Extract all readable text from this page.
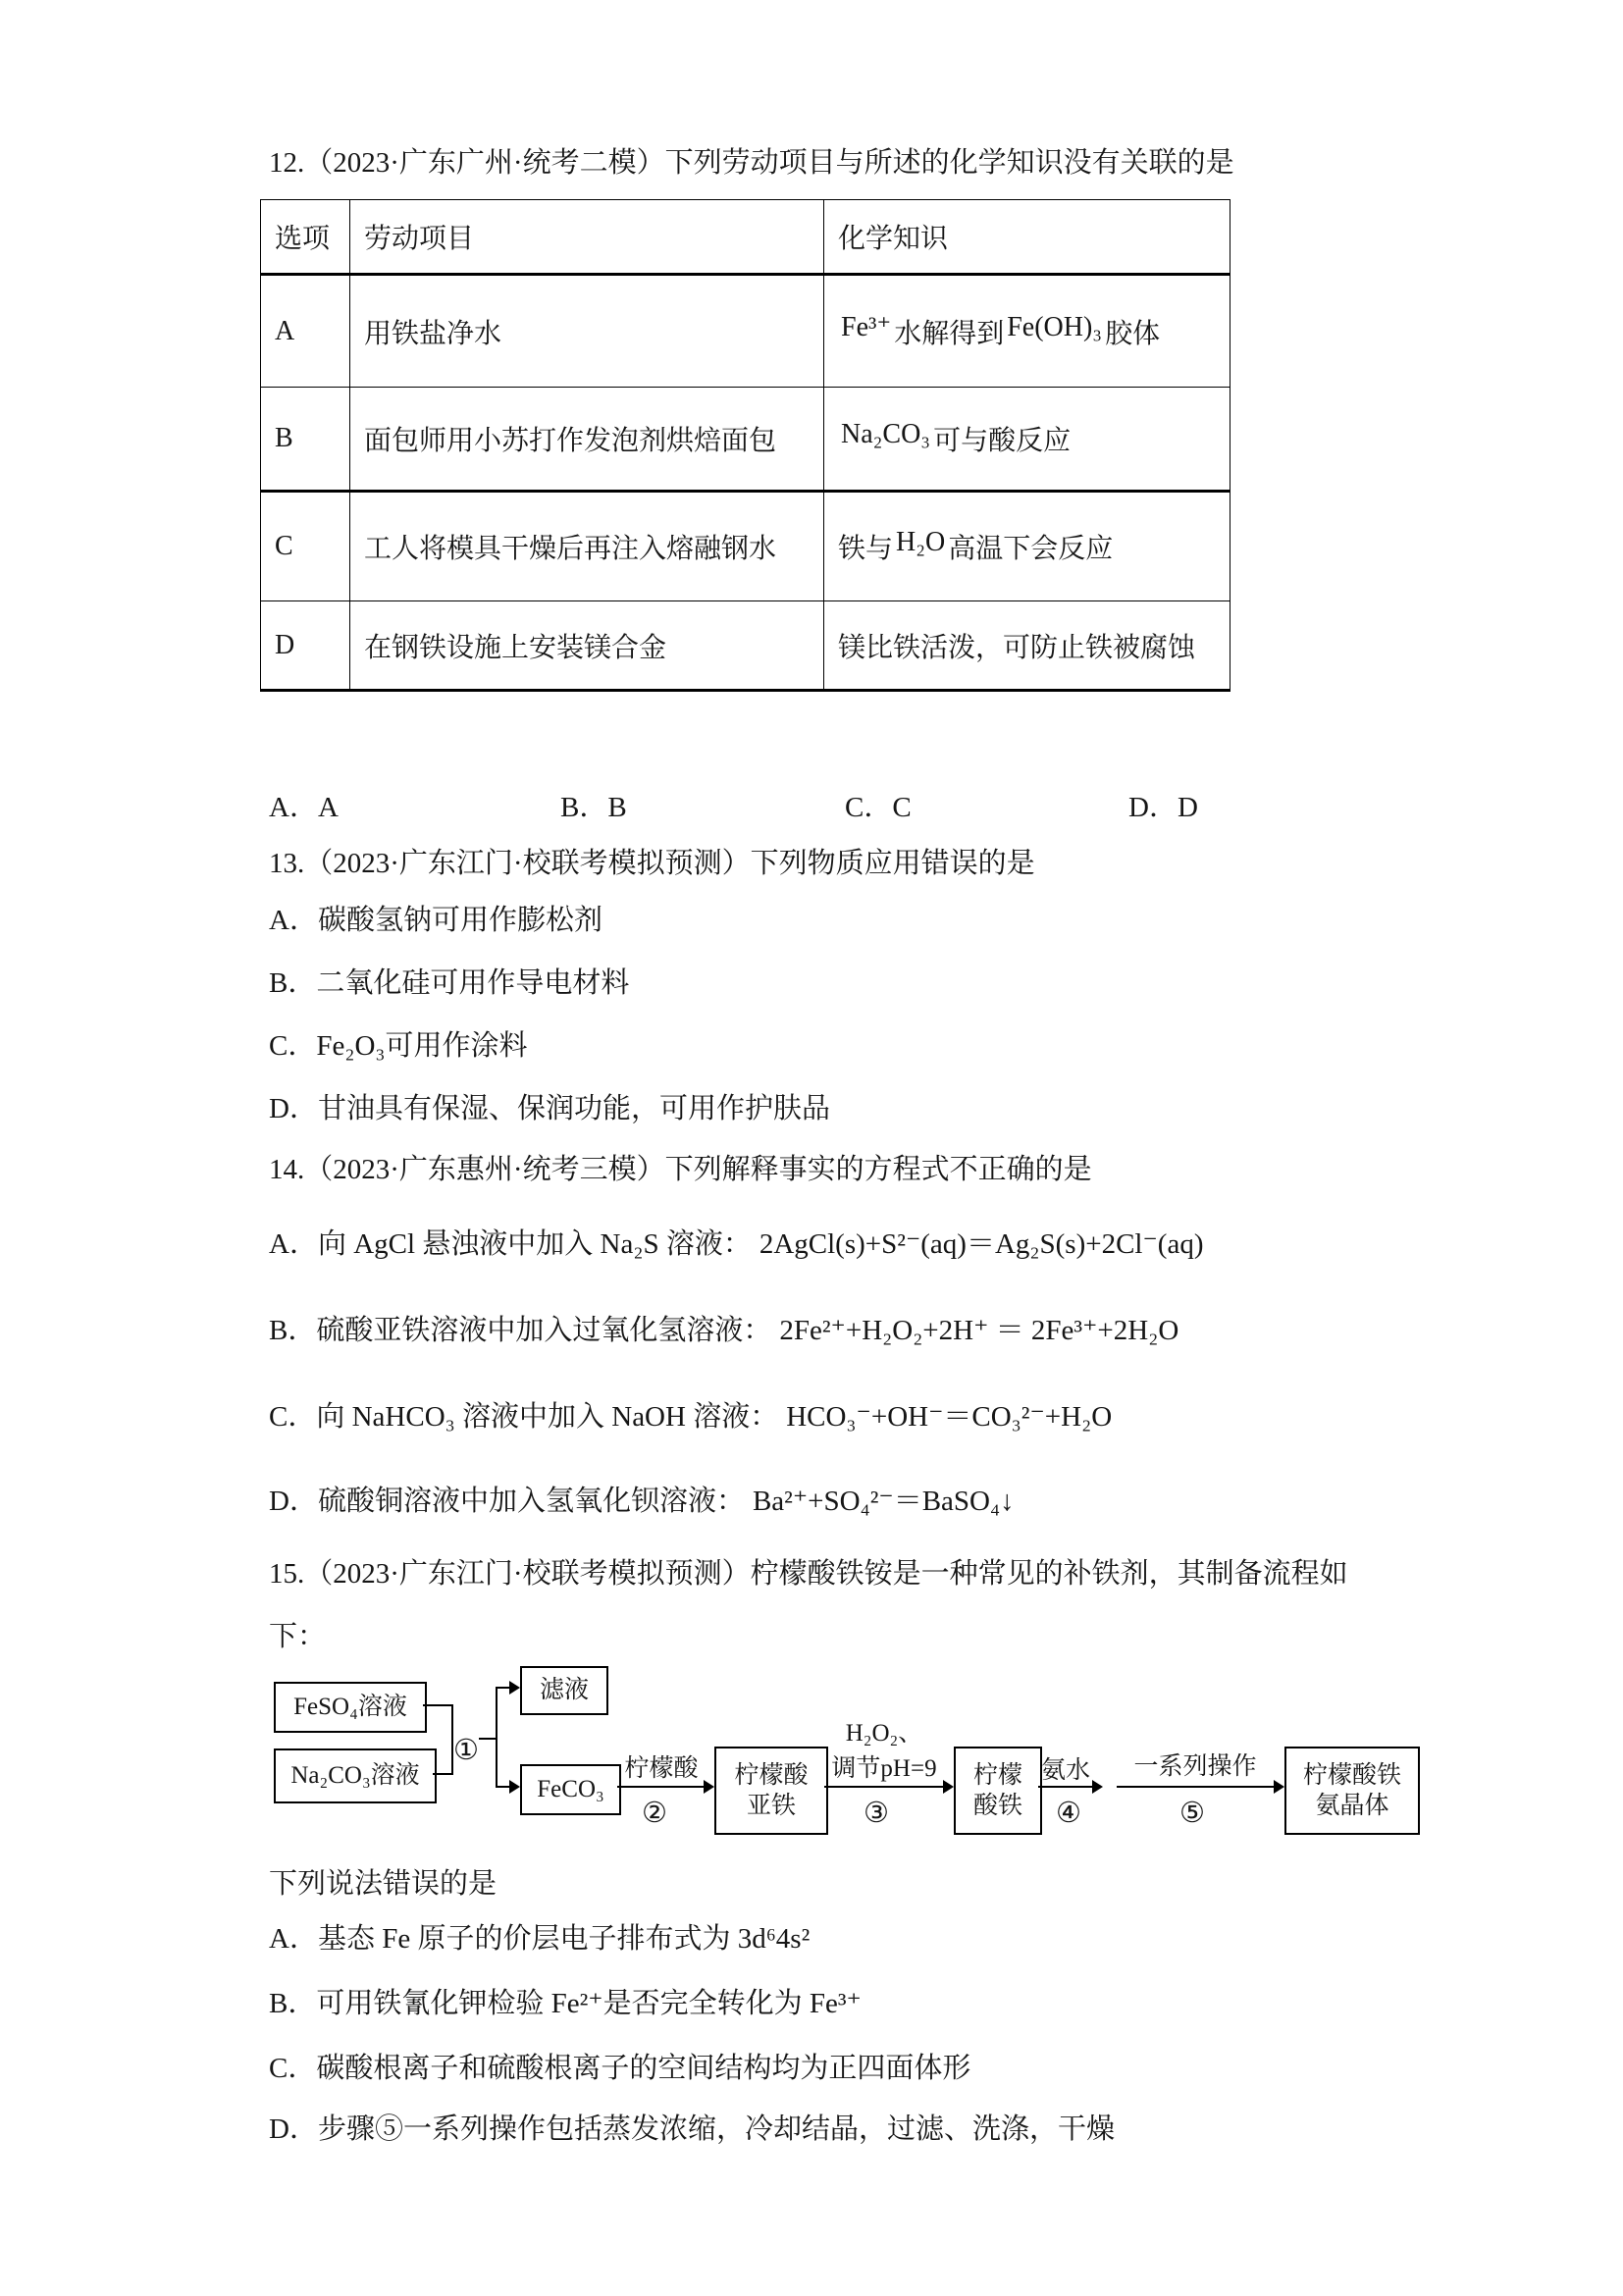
12.（2023·广东广州·统考二模）下列劳动项目与所述的化学知识没有关联的是
选项	劳动项目	化学知识
A	用铁盐净水	Fe³⁺ 水解得到 Fe(OH)₃ 胶体
B	面包师用小苏打作发泡剂烘焙面包	Na₂CO₃ 可与酸反应
C	工人将模具干燥后再注入熔融钢水	铁与 H₂O 高温下会反应
D	在钢铁设施上安装镁合金	镁比铁活泼，可防止铁被腐蚀
A．A	B．B	C．C	D．D
13.（2023·广东江门·校联考模拟预测）下列物质应用错误的是
A．碳酸氢钠可用作膨松剂
B．二氧化硅可用作导电材料
C．Fe₂O₃可用作涂料
D．甘油具有保湿、保润功能，可用作护肤品
14.（2023·广东惠州·统考三模）下列解释事实的方程式不正确的是
A．向 AgCl 悬浊液中加入 Na₂S 溶液： 2AgCl(s)+S²⁻(aq)＝Ag₂S(s)+2Cl⁻(aq)
B．硫酸亚铁溶液中加入过氧化氢溶液： 2Fe²⁺+H₂O₂+2H⁺ ＝ 2Fe³⁺+2H₂O
C．向 NaHCO₃ 溶液中加入 NaOH 溶液： HCO₃⁻+OH⁻＝CO₃²⁻+H₂O
D．硫酸铜溶液中加入氢氧化钡溶液： Ba²⁺+SO₄²⁻＝BaSO₄↓
15.（2023·广东江门·校联考模拟预测）柠檬酸铁铵是一种常见的补铁剂，其制备流程如
下：
FeSO₄溶液
Na₂CO₃溶液
①
滤液
FeCO₃
柠檬酸
②
柠檬酸
亚铁
H₂O₂、
调节pH=9
③
柠檬
酸铁
氨水
④
一系列操作
⑤
柠檬酸铁
氨晶体
下列说法错误的是
A．基态 Fe 原子的价层电子排布式为 3d⁶4s²
B．可用铁氰化钾检验 Fe²⁺是否完全转化为 Fe³⁺
C．碳酸根离子和硫酸根离子的空间结构均为正四面体形
D．步骤⑤一系列操作包括蒸发浓缩，冷却结晶，过滤、洗涤，干燥
